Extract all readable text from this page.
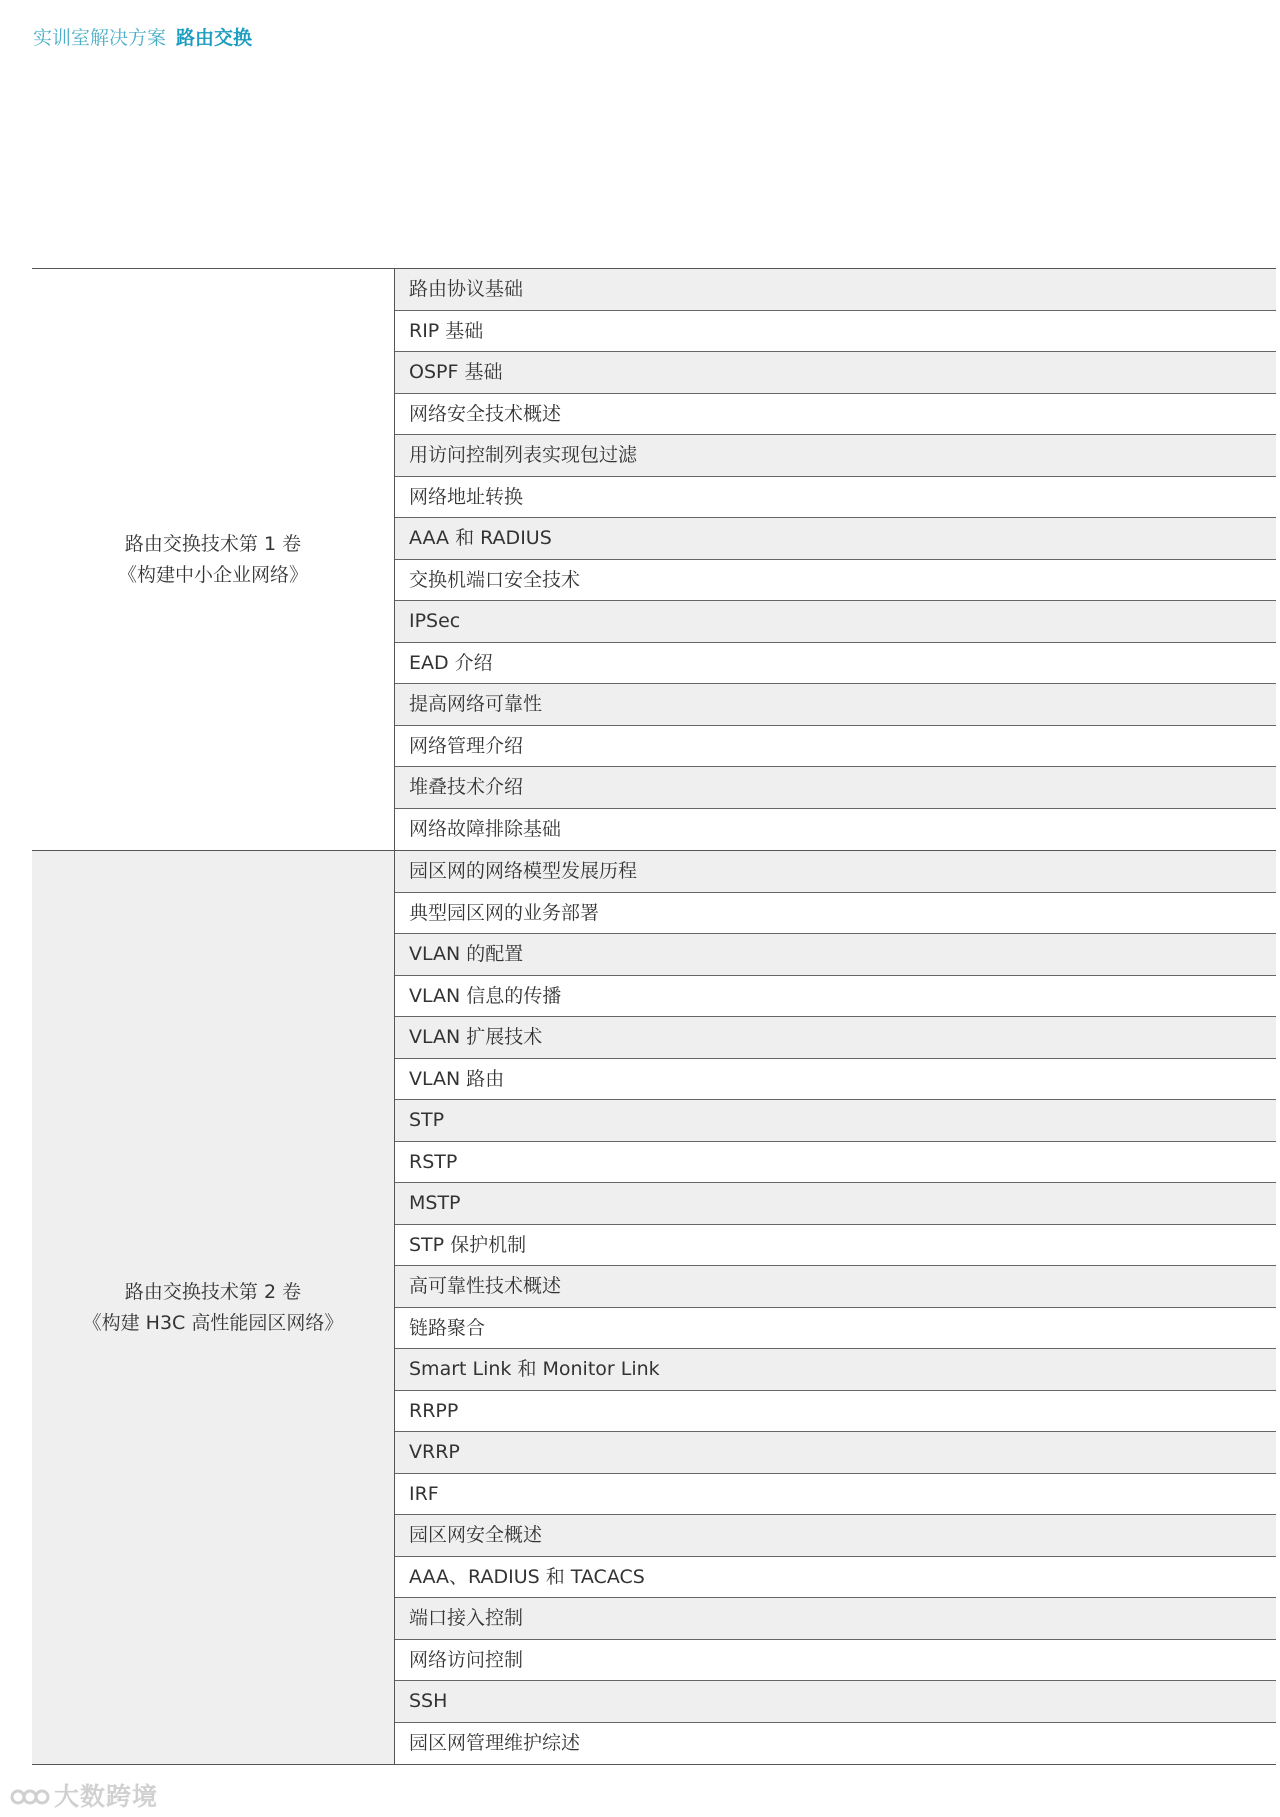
实训室解决方案 路由交换
路由交换技术第 1 卷
《构建中小企业网络》
路由协议基础
RIP 基础
OSPF 基础
网络安全技术概述
用访问控制列表实现包过滤
网络地址转换
AAA 和 RADIUS
交换机端口安全技术
IPSec
EAD 介绍
提高网络可靠性
网络管理介绍
堆叠技术介绍
网络故障排除基础
路由交换技术第 2 卷
《构建 H3C 高性能园区网络》
园区网的网络模型发展历程
典型园区网的业务部署
VLAN 的配置
VLAN 信息的传播
VLAN 扩展技术
VLAN 路由
STP
RSTP
MSTP
STP 保护机制
高可靠性技术概述
链路聚合
Smart Link 和 Monitor Link
RRPP
VRRP
IRF
园区网安全概述
AAA、RADIUS 和 TACACS
端口接入控制
网络访问控制
SSH
园区网管理维护综述
大数跨境
